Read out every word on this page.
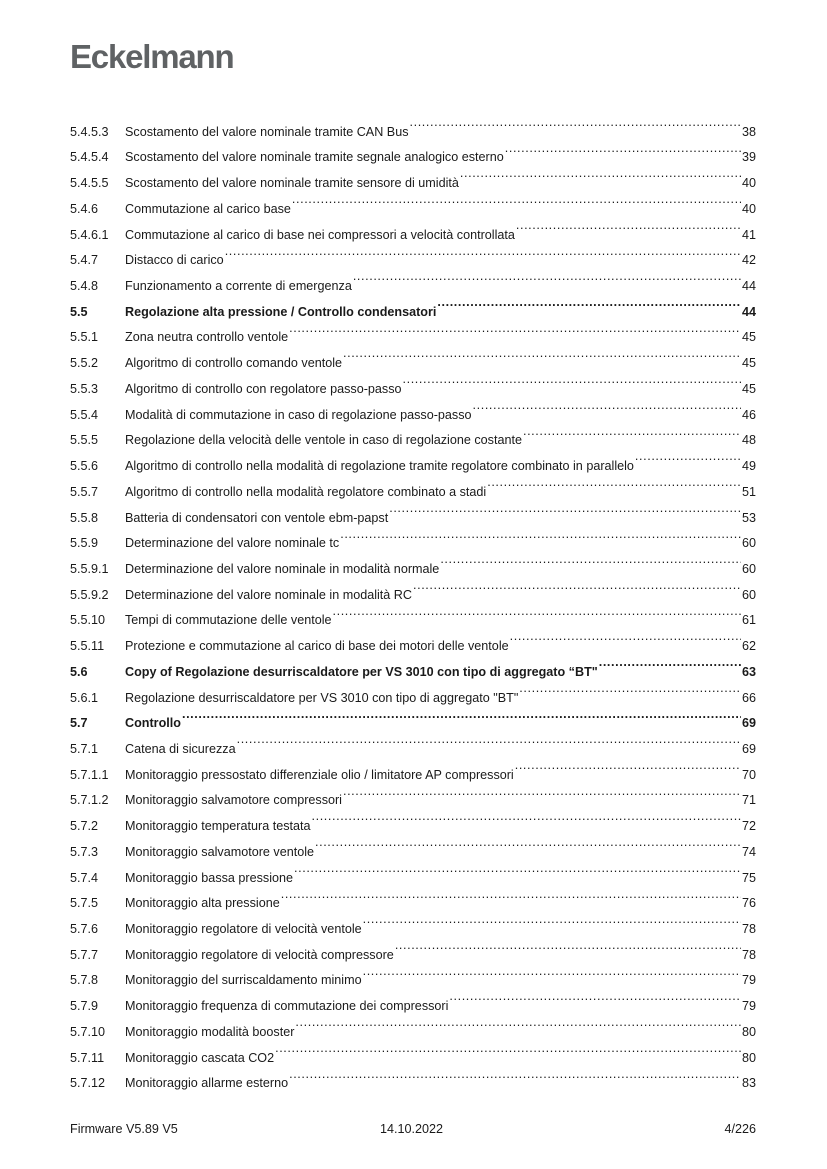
Eckelmann
5.4.5.3	Scostamento del valore nominale tramite CAN Bus .....	38
5.4.5.4	Scostamento del valore nominale tramite segnale analogico esterno .....	39
5.4.5.5	Scostamento del valore nominale tramite sensore di umidità .....	40
5.4.6	Commutazione al carico base .....	40
5.4.6.1	Commutazione al carico di base nei compressori a velocità controllata .....	41
5.4.7	Distacco di carico .....	42
5.4.8	Funzionamento a corrente di emergenza .....	44
5.5	Regolazione alta pressione / Controllo condensatori .....	44
5.5.1	Zona neutra controllo ventole .....	45
5.5.2	Algoritmo di controllo comando ventole .....	45
5.5.3	Algoritmo di controllo con regolatore passo-passo .....	45
5.5.4	Modalità di commutazione in caso di regolazione passo-passo .....	46
5.5.5	Regolazione della velocità delle ventole in caso di regolazione costante .....	48
5.5.6	Algoritmo di controllo nella modalità di regolazione tramite regolatore combinato in parallelo .....	49
5.5.7	Algoritmo di controllo nella modalità regolatore combinato a stadi .....	51
5.5.8	Batteria di condensatori con ventole ebm-papst .....	53
5.5.9	Determinazione del valore nominale tc .....	60
5.5.9.1	Determinazione del valore nominale in modalità normale .....	60
5.5.9.2	Determinazione del valore nominale in modalità RC .....	60
5.5.10	Tempi di commutazione delle ventole .....	61
5.5.11	Protezione e commutazione al carico di base dei motori delle ventole .....	62
5.6	Copy of Regolazione desurriscaldatore per VS 3010 con tipo di aggregato “BT" .....	63
5.6.1	Regolazione desurriscaldatore per VS 3010 con tipo di aggregato "BT" .....	66
5.7	Controllo .....	69
5.7.1	Catena di sicurezza .....	69
5.7.1.1	Monitoraggio pressostato differenziale olio / limitatore AP compressori .....	70
5.7.1.2	Monitoraggio salvamotore compressori .....	71
5.7.2	Monitoraggio temperatura testata .....	72
5.7.3	Monitoraggio salvamotore ventole .....	74
5.7.4	Monitoraggio bassa pressione .....	75
5.7.5	Monitoraggio alta pressione .....	76
5.7.6	Monitoraggio regolatore di velocità ventole .....	78
5.7.7	Monitoraggio regolatore di velocità compressore .....	78
5.7.8	Monitoraggio del surriscaldamento minimo .....	79
5.7.9	Monitoraggio frequenza di commutazione dei compressori .....	79
5.7.10	Monitoraggio modalità booster .....	80
5.7.11	Monitoraggio cascata CO2 .....	80
5.7.12	Monitoraggio allarme esterno .....	83
Firmware V5.89 V5	14.10.2022	4/226
